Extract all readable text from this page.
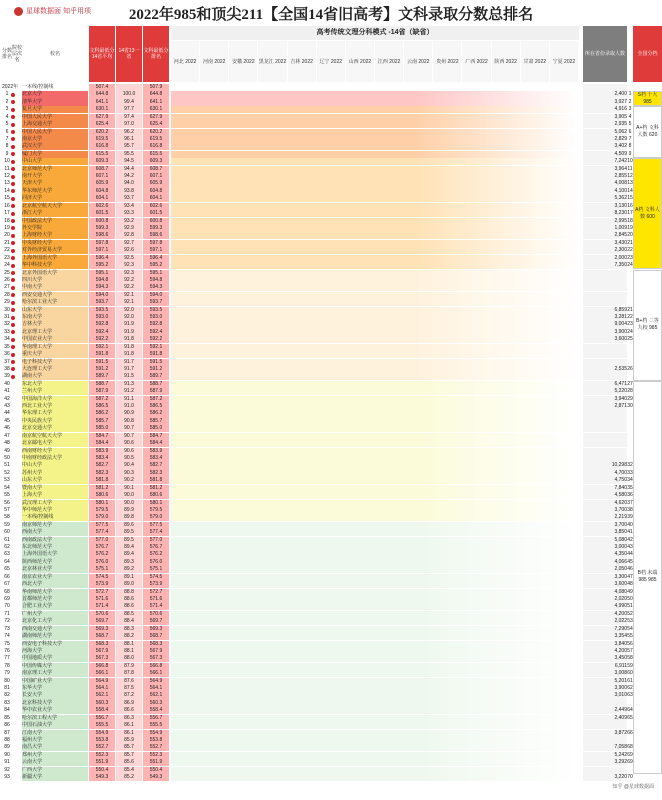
星球数据面 知乎用项	2022年985和顶尖211【全国14省旧高考】文科录取分数总排名
分数排名
院校层次名
校名	文科最低分14省平均
14省13一省
文科最低分排名
高考传统文理分科模式 -14省（缺省）
河北 2022	河南 2022	安徽 2022 黑龙江 2022 吉林 2022	辽宁 2022	山西 2022	江西 2022	云南 2022	贵州 2022	广西 2022	陕西 2022	甘肃 2022	宁夏 2022
所在省份录取人数	全国分档
2022年 一本线/控制线	507.4	507.9
1	北京大学	644.8	100.0	644.8	2,400 1
2	清华大学	641.1	99.4	641.1	3,927 2
3	复旦大学	630.1	97.7	630.1	4,916 3
4	中国人民大学	627.9	97.4	627.9	3,905 4
5	上海交通大学	625.4	97.0	625.4	2,935 5
6	中国人民大学	620.2	96.2	620.2	5,062 6
7	南京大学	619.5	96.1	619.5	2,829 7
8	武汉大学	616.8	95.7	616.8	3,402 8
9	厦门大学	615.5	95.5	615.5	4,509 9
10	中山大学	609.3	94.5	609.3	7,242 10
11	北京师范大学	608.7	94.4	608.7	3,964 11
12	南开大学	607.1	94.2	607.1	2,855 12
13	天津大学	605.9	94.0	605.9	4,008 13
14	华东师范大学	604.8	93.8	604.8	4,100 14
15	同济大学	604.1	93.7	604.1	5,362 15
16	北京航空航天大学	602.6	93.4	602.6	3,130 16
17	浙江大学	601.5	93.3	601.5	8,230 17
18	中国政法大学	600.8	93.2	600.8	2,995 18
19	外交学院	599.3	92.9	599.3	1,009 19
20	上海财经大学	598.6	92.8	598.6	2,845 20
21	中央财经大学	597.8	92.7	597.8	3,430 21
22	对外经济贸易大学	597.1	92.6	597.1	2,300 22
23	上海外国语大学	596.4	92.5	596.4	2,000 23
24	华中科技大学	595.2	92.3	595.2	7,350 24
25	北京外国语大学	595.1	92.3	595.1
26	四川大学	594.8	92.2	594.8
27	中南大学	594.3	92.2	594.3
28	西安交通大学	594.0	92.1	594.0
29	哈尔滨工业大学	593.7	92.1	593.7
30	山东大学	593.5	92.0	593.5	6,859 21
31	东南大学	593.0	92.0	593.0	3,281 22
32	吉林大学	592.8	91.9	592.8	9,004 23
33	北京理工大学	592.4	91.9	592.4	3,900 24
34	中国农业大学	592.2	91.8	592.2	3,600 25
35	华南理工大学	592.1	91.8	592.1
36	重庆大学	591.8	91.8	591.8
37	电子科技大学	591.5	91.7	591.5
38	大连理工大学	591.2	91.7	591.2	2,535 26
39	湖南大学	589.7	91.5	589.7
40	东北大学	588.7	91.3	588.7	6,471 27
41	兰州大学	587.9	91.2	587.9	5,220 28
42	中国海洋大学	587.2	91.1	587.2	3,940 29
43	西北工业大学	586.5	91.0	586.5	2,871 30
44	华东理工大学	586.2	90.9	586.2
45	中央民族大学	585.7	90.8	585.7
46	北京交通大学	585.0	90.7	585.0
47	南京航空航天大学	584.7	90.7	584.7
48	北京邮电大学	584.4	90.6	584.4
49	西南财经大学	583.9	90.6	583.9
50	中南财经政法大学	583.4	90.5	583.4
51	中山大学	582.7	90.4	582.7	10,298 32
52	苏州大学	582.3	90.3	582.3	4,700 33
53	山东大学	581.8	90.2	581.8	4,750 34
54	暨南大学	581.2	90.1	581.2	7,840 35
55	上海大学	580.6	90.0	580.6	4,580 36
56	武汉理工大学	580.1	90.0	580.1	4,620 37
57	华中师范大学	579.5	89.9	579.5	3,700 38
58	一本线/控制线	579.0	89.8	579.0	2,219 39
59	南京师范大学	577.5	89.6	577.5	3,700 40
60	西南大学	577.4	89.5	577.4	3,850 41
61	西南政法大学	577.0	89.5	577.0	5,080 42
62	东北师范大学	576.7	89.4	576.7	3,000 43
63	上海外国语大学	576.2	89.4	576.2	4,350 44
64	陕西师范大学	576.0	89.3	576.0	4,066 45
65	北京林业大学	575.1	89.2	575.1	2,050 46
66	南京农业大学	574.5	89.1	574.5	3,300 47
67	西北大学	573.9	89.0	573.9	3,600 48
68	华南师范大学	572.7	88.8	572.7	4,080 49
69	首都师范大学	571.6	88.6	571.6	2,020 50
70	合肥工业大学	571.4	88.6	571.4	4,990 51
71	广州大学	570.6	88.5	570.6	4,200 52
72	北京化工大学	569.7	88.4	569.7	2,022 53
73	西南交通大学	569.3	88.3	569.3	7,290 54
74	湖南师范大学	568.7	88.2	568.7	3,354 55
75	西安电子科技大学	568.3	88.1	568.3	3,840 56
76	河海大学	567.9	88.1	567.9	4,200 57
77	中国地质大学	567.3	88.0	567.3	3,450 58
78	中国传媒大学	566.8	87.9	566.8	6,911 59
79	南京理工大学	566.1	87.8	566.1	3,008 60
80	中国矿业大学	564.9	87.6	564.9	5,201 61
81	东华大学	564.1	87.5	564.1	3,900 62
82	长安大学	562.1	87.2	562.1	3,010 63
83	北京科技大学	560.3	86.9	560.3
84	华中农业大学	558.4	86.6	558.4	2,449 64
85	哈尔滨工程大学	556.7	86.3	556.7	2,409 65
86	中国石油大学	555.5	86.1	555.5
87	江南大学	554.9	86.1	554.9	3,872 66
88	福州大学	553.8	85.9	553.8
89	南昌大学	552.7	85.7	552.7	7,058 68
90	郑州大学	552.3	85.7	552.3	5,242 69
91	云南大学	551.9	85.6	551.9	3,292 69
92	广西大学	550.4	85.4	550.4
93	新疆大学	549.3	85.2	549.3	3,220 70
S档 十大985
A+档 文科人数 620
A档 文科人数 600
B+档 二等九校 985
B档 末端985 985
知乎 @星球数据面
